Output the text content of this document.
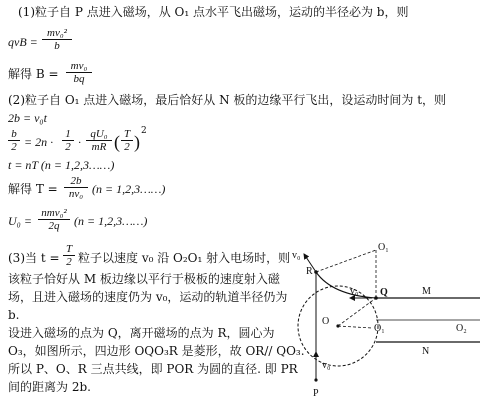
(1)粒子自 P 点进入磁场，从 O₁ 点水平飞出磁场，运动的半径必为 b，则
qvB = $\frac{\text{mv₀²}}{b}$
解得 $B = \frac{\text{mv₀}}{bq}$
(2)粒子自 O₁ 点进入磁场，最后恰好从 N 板的边缘平行飞出，设运动时间为 t，则
2b = v₀t
$\frac{b}{2} = 2n \cdot \frac{1}{2} \cdot \frac{\text{qU₀}}{mR}$ ( $\frac{T}{2}$ )
2
t = nT (n = 1,2,3……)
解得 $T = \frac{2b}{\text{nv₀}} (n$ = 1,2,3……)
U₀ =
nmv₀²
2q	(n = 1,2,3……)
(3)当 $t = \frac{T}{2}$ 粒子以速度 v₀ 沿 O₂O₁ 射入电场时，则
该粒子恰好从 M 板边缘以平行于极板的速度射入磁
场，且进入磁场的速度仍为 v₀，运动的轨道半径仍为
b.
设进入磁场的点为 Q，离开磁场的点为 R，圆心为
O₃，如图所示，四边形 OQO₃R 是菱形，故 OR// QO₃.
所以 P、O、R 三点共线，即 POR 为圆的直径. 即 PR
间的距离为 2b.
v₀
O₁
R
v₀ Q	M
O
O₁	O₂
N
v₀
P
